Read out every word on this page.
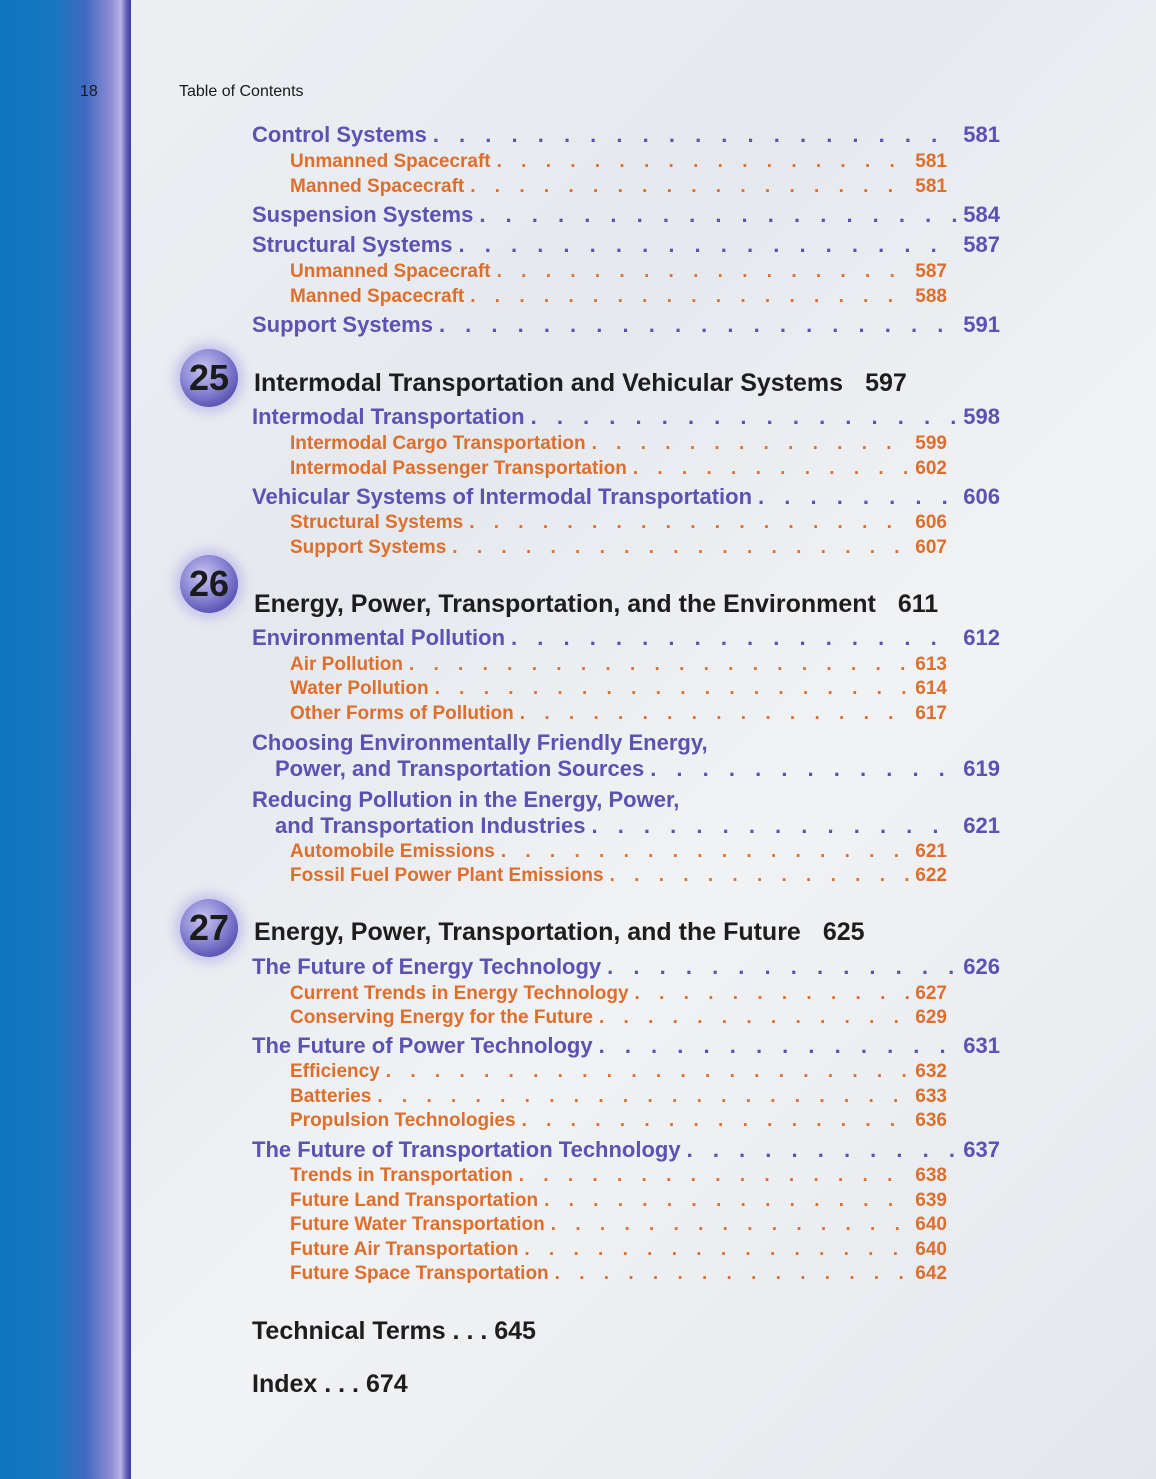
18	Table of Contents
Control Systems . . .	581
Unmanned Spacecraft . . .	581
Manned Spacecraft . . .	581
Suspension Systems . . .	584
Structural Systems . . .	587
Unmanned Spacecraft . . .	587
Manned Spacecraft . . .	588
Support Systems . . .	591
25 Intermodal Transportation and Vehicular Systems 597
Intermodal Transportation . . .	598
Intermodal Cargo Transportation . . .	599
Intermodal Passenger Transportation . . .	602
Vehicular Systems of Intermodal Transportation . . .	606
Structural Systems . . .	606
Support Systems . . .	607
26 Energy, Power, Transportation, and the Environment 611
Environmental Pollution . . .	612
Air Pollution . . .	613
Water Pollution . . .	614
Other Forms of Pollution . . .	617
Choosing Environmentally Friendly Energy,
Power, and Transportation Sources . . .	619
Reducing Pollution in the Energy, Power,
and Transportation Industries . . .	621
Automobile Emissions . . .	621
Fossil Fuel Power Plant Emissions . . .	622
27 Energy, Power, Transportation, and the Future 625
The Future of Energy Technology . . .	626
Current Trends in Energy Technology . . .	627
Conserving Energy for the Future . . .	629
The Future of Power Technology . . .	631
Efficiency . . .	632
Batteries . . .	633
Propulsion Technologies . . .	636
The Future of Transportation Technology . . .	637
Trends in Transportation . . .	638
Future Land Transportation . . .	639
Future Water Transportation . . .	640
Future Air Transportation . . .	640
Future Space Transportation . . .	642
Technical Terms . . . 645
Index . . . 674
